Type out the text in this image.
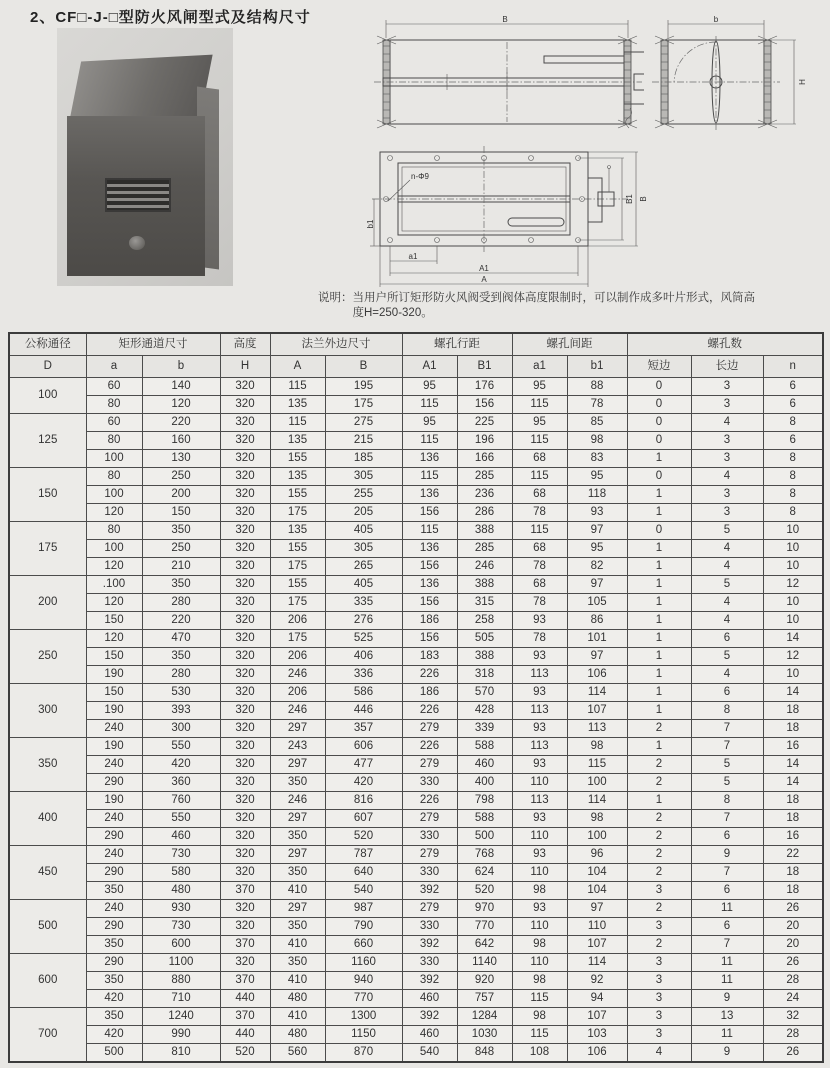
2、CF□-J-□型防火风闸型式及结构尺寸	B	b
H
n-Φ9
b1
a1
A1
A
B1 B
说明： 当用户所订矩形防火风阀受到阀体高度限制时，可以制作成多叶片形式，风筒高
度H=250-320。
公称通径	矩形通道尺寸		高度	法兰外边尺寸		螺孔行距		螺孔间距		螺孔数		
D	a	b	H	A	B	A1	B1	a1	b1	短边	长边	n
100	60	140	320	115	195	95	176	95	88	0	3	6
	80	120	320	135	175	115	156	115	78	0	3	6
125	60	220	320	115	275	95	225	95	85	0	4	8
	80	160	320	135	215	115	196	115	98	0	3	6
	100	130	320	155	185	136	166	68	83	1	3	8
150	80	250	320	135	305	115	285	115	95	0	4	8
	100	200	320	155	255	136	236	68	118	1	3	8
	120	150	320	175	205	156	286	78	93	1	3	8
175	80	350	320	135	405	115	388	115	97	0	5	10
	100	250	320	155	305	136	285	68	95	1	4	10
	120	210	320	175	265	156	246	78	82	1	4	10
200	.100	350	320	155	405	136	388	68	97	1	5	12
	120	280	320	175	335	156	315	78	105	1	4	10
	150	220	320	206	276	186	258	93	86	1	4	10
250	120	470	320	175	525	156	505	78	101	1	6	14
	150	350	320	206	406	183	388	93	97	1	5	12
	190	280	320	246	336	226	318	113	106	1	4	10
300	150	530	320	206	586	186	570	93	114	1	6	14
	190	393	320	246	446	226	428	113	107	1	8	18
	240	300	320	297	357	279	339	93	113	2	7	18
350	190	550	320	243	606	226	588	113	98	1	7	16
	240	420	320	297	477	279	460	93	115	2	5	14
	290	360	320	350	420	330	400	110	100	2	5	14
400	190	760	320	246	816	226	798	113	114	1	8	18
	240	550	320	297	607	279	588	93	98	2	7	18
	290	460	320	350	520	330	500	110	100	2	6	16
450	240	730	320	297	787	279	768	93	96	2	9	22
	290	580	320	350	640	330	624	110	104	2	7	18
	350	480	370	410	540	392	520	98	104	3	6	18
500	240	930	320	297	987	279	970	93	97	2	11	26
	290	730	320	350	790	330	770	110	110	3	6	20
	350	600	370	410	660	392	642	98	107	2	7	20
600	290	1100	320	350	1160	330	1140	110	114	3	11	26
	350	880	370	410	940	392	920	98	92	3	11	28
	420	710	440	480	770	460	757	115	94	3	9	24
700	350	1240	370	410	1300	392	1284	98	107	3	13	32
	420	990	440	480	1150	460	1030	115	103	3	11	28
	500	810	520	560	870	540	848	108	106	4	9	26
